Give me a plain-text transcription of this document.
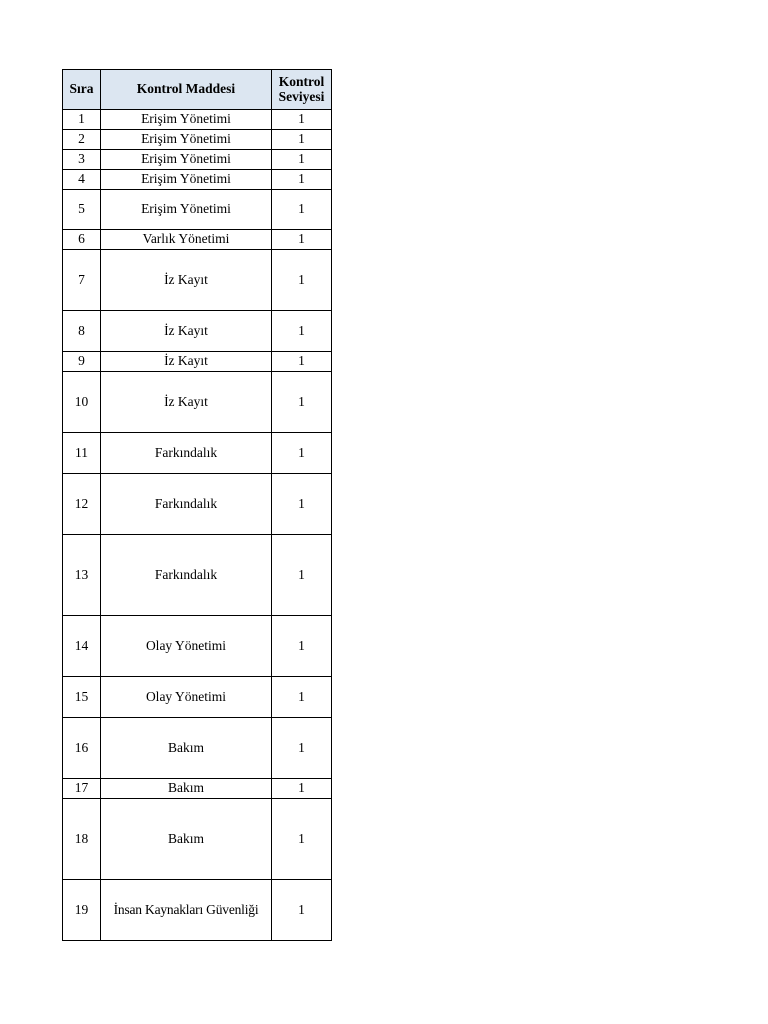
Sıra	Kontrol Maddesi	Kontrol Seviyesi
1	Erişim Yönetimi	1
2	Erişim Yönetimi	1
3	Erişim Yönetimi	1
4	Erişim Yönetimi	1
5	Erişim Yönetimi	1
6	Varlık Yönetimi	1
7	İz Kayıt	1
8	İz Kayıt	1
9	İz Kayıt	1
10	İz Kayıt	1
11	Farkındalık	1
12	Farkındalık	1
13	Farkındalık	1
14	Olay Yönetimi	1
15	Olay Yönetimi	1
16	Bakım	1
17	Bakım	1
18	Bakım	1
19	İnsan Kaynakları Güvenliği	1
